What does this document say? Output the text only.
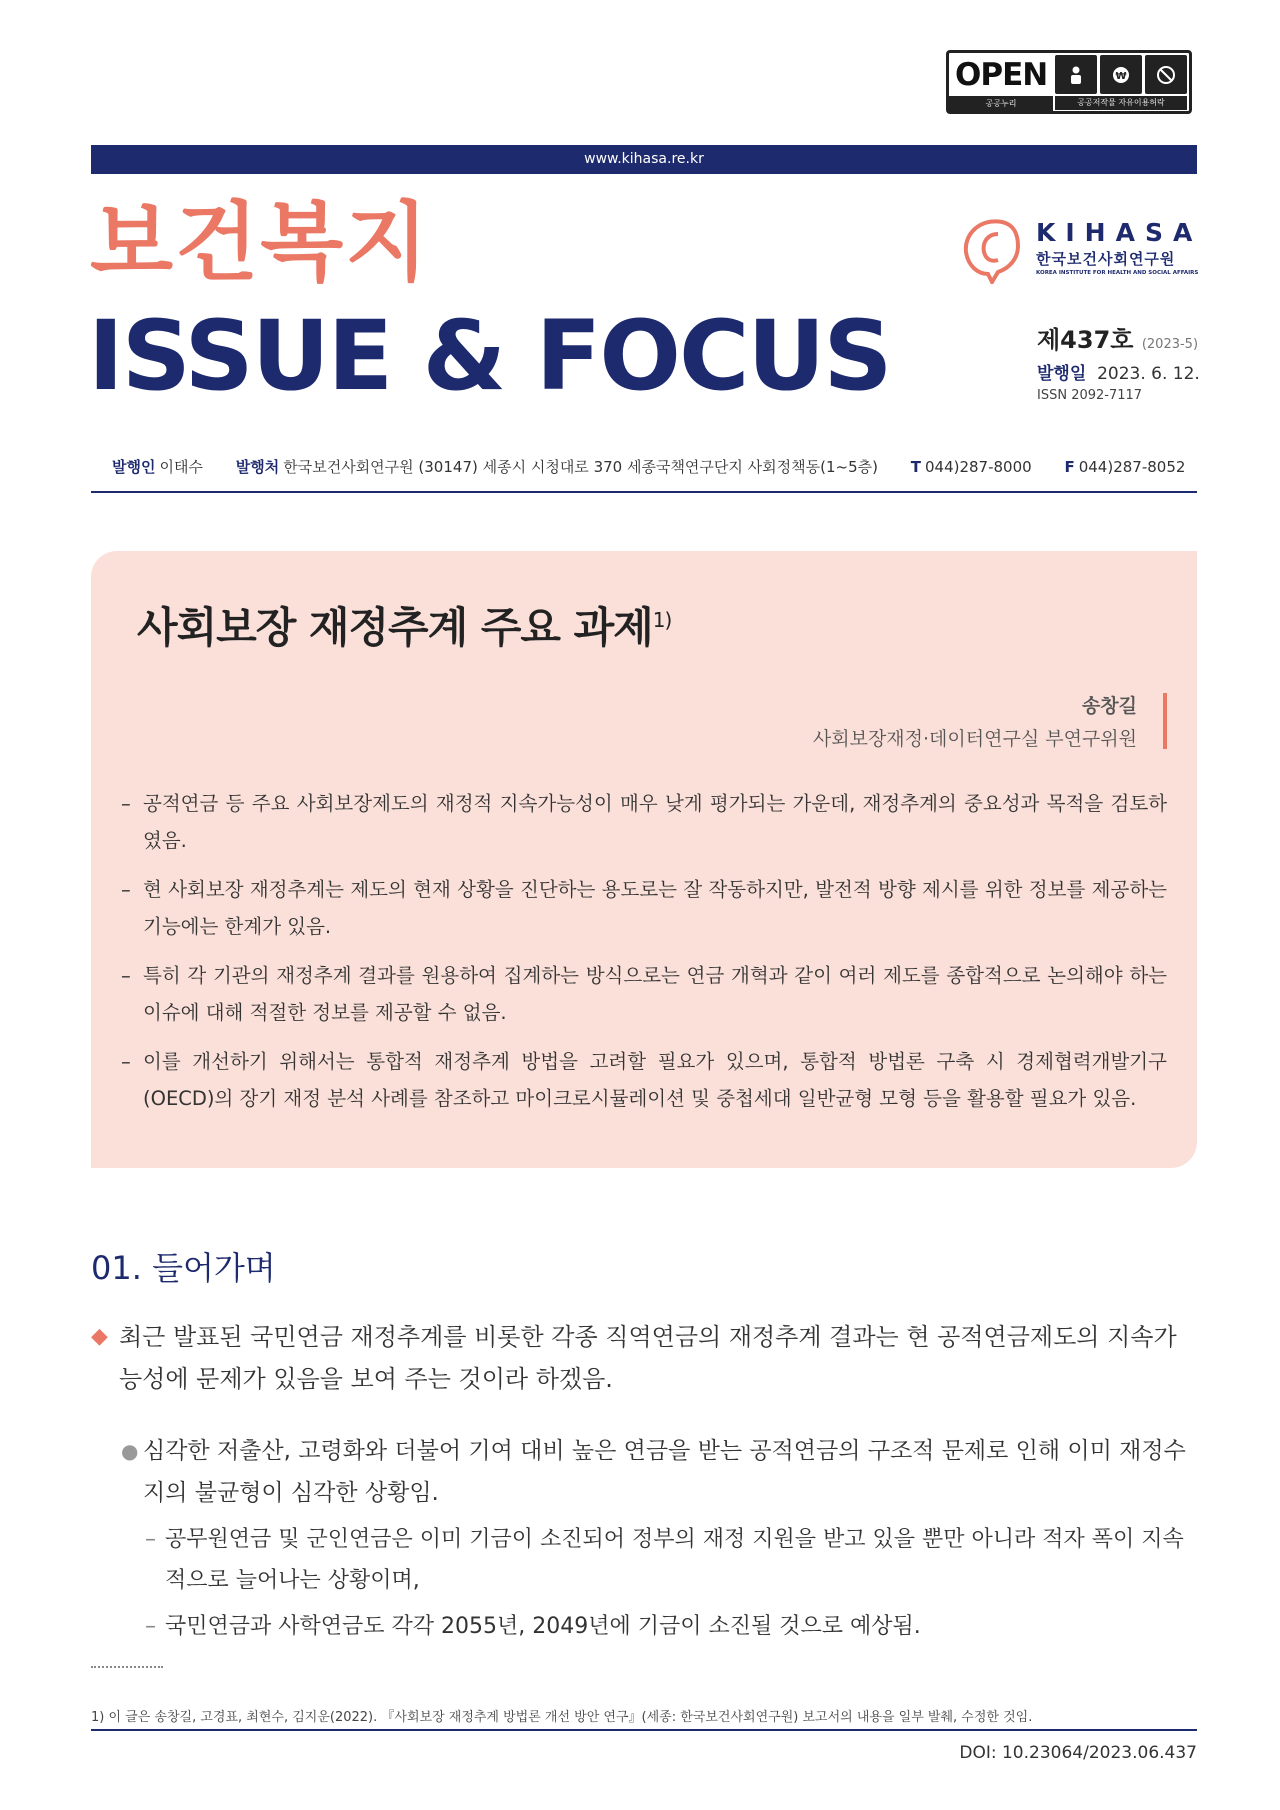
OPEN
공공누리
₩
공공저작물 자유이용허락
www.kihasa.re.kr
보건복지
ISSUE & FOCUS
KIHASA
한국보건사회연구원
KOREA INSTITUTE FOR HEALTH AND SOCIAL AFFAIRS
제437호 (2023-5)
발행일 2023. 6. 12.
ISSN 2092-7117
발행인 이태수 발행처 한국보건사회연구원 (30147) 세종시 시청대로 370 세종국책연구단지 사회정책동(1~5층) T 044)287-8000 F 044)287-8052
사회보장 재정추계 주요 과제$^{1)}$
송창길
사회보장재정·데이터연구실 부연구위원
– 공적연금 등 주요 사회보장제도의 재정적 지속가능성이 매우 낮게 평가되는 가운데, 재정추계의 중요성과 목적을 검토하였음.
– 현 사회보장 재정추계는 제도의 현재 상황을 진단하는 용도로는 잘 작동하지만, 발전적 방향 제시를 위한 정보를 제공하는 기능에는 한계가 있음.
– 특히 각 기관의 재정추계 결과를 원용하여 집계하는 방식으로는 연금 개혁과 같이 여러 제도를 종합적으로 논의해야 하는 이슈에 대해 적절한 정보를 제공할 수 없음.
– 이를 개선하기 위해서는 통합적 재정추계 방법을 고려할 필요가 있으며, 통합적 방법론 구축 시 경제협력개발기구(OECD)의 장기 재정 분석 사례를 참조하고 마이크로시뮬레이션 및 중첩세대 일반균형 모형 등을 활용할 필요가 있음.
01. 들어가며
◆ 최근 발표된 국민연금 재정추계를 비롯한 각종 직역연금의 재정추계 결과는 현 공적연금제도의 지속가능성에 문제가 있음을 보여 주는 것이라 하겠음.
● 심각한 저출산, 고령화와 더불어 기여 대비 높은 연금을 받는 공적연금의 구조적 문제로 인해 이미 재정수지의 불균형이 심각한 상황임.
– 공무원연금 및 군인연금은 이미 기금이 소진되어 정부의 재정 지원을 받고 있을 뿐만 아니라 적자 폭이 지속적으로 늘어나는 상황이며,
– 국민연금과 사학연금도 각각 2055년, 2049년에 기금이 소진될 것으로 예상됨.
1) 이 글은 송창길, 고경표, 최현수, 김지운(2022). 『사회보장 재정추계 방법론 개선 방안 연구』(세종: 한국보건사회연구원) 보고서의 내용을 일부 발췌, 수정한 것임.
DOI: 10.23064/2023.06.437
